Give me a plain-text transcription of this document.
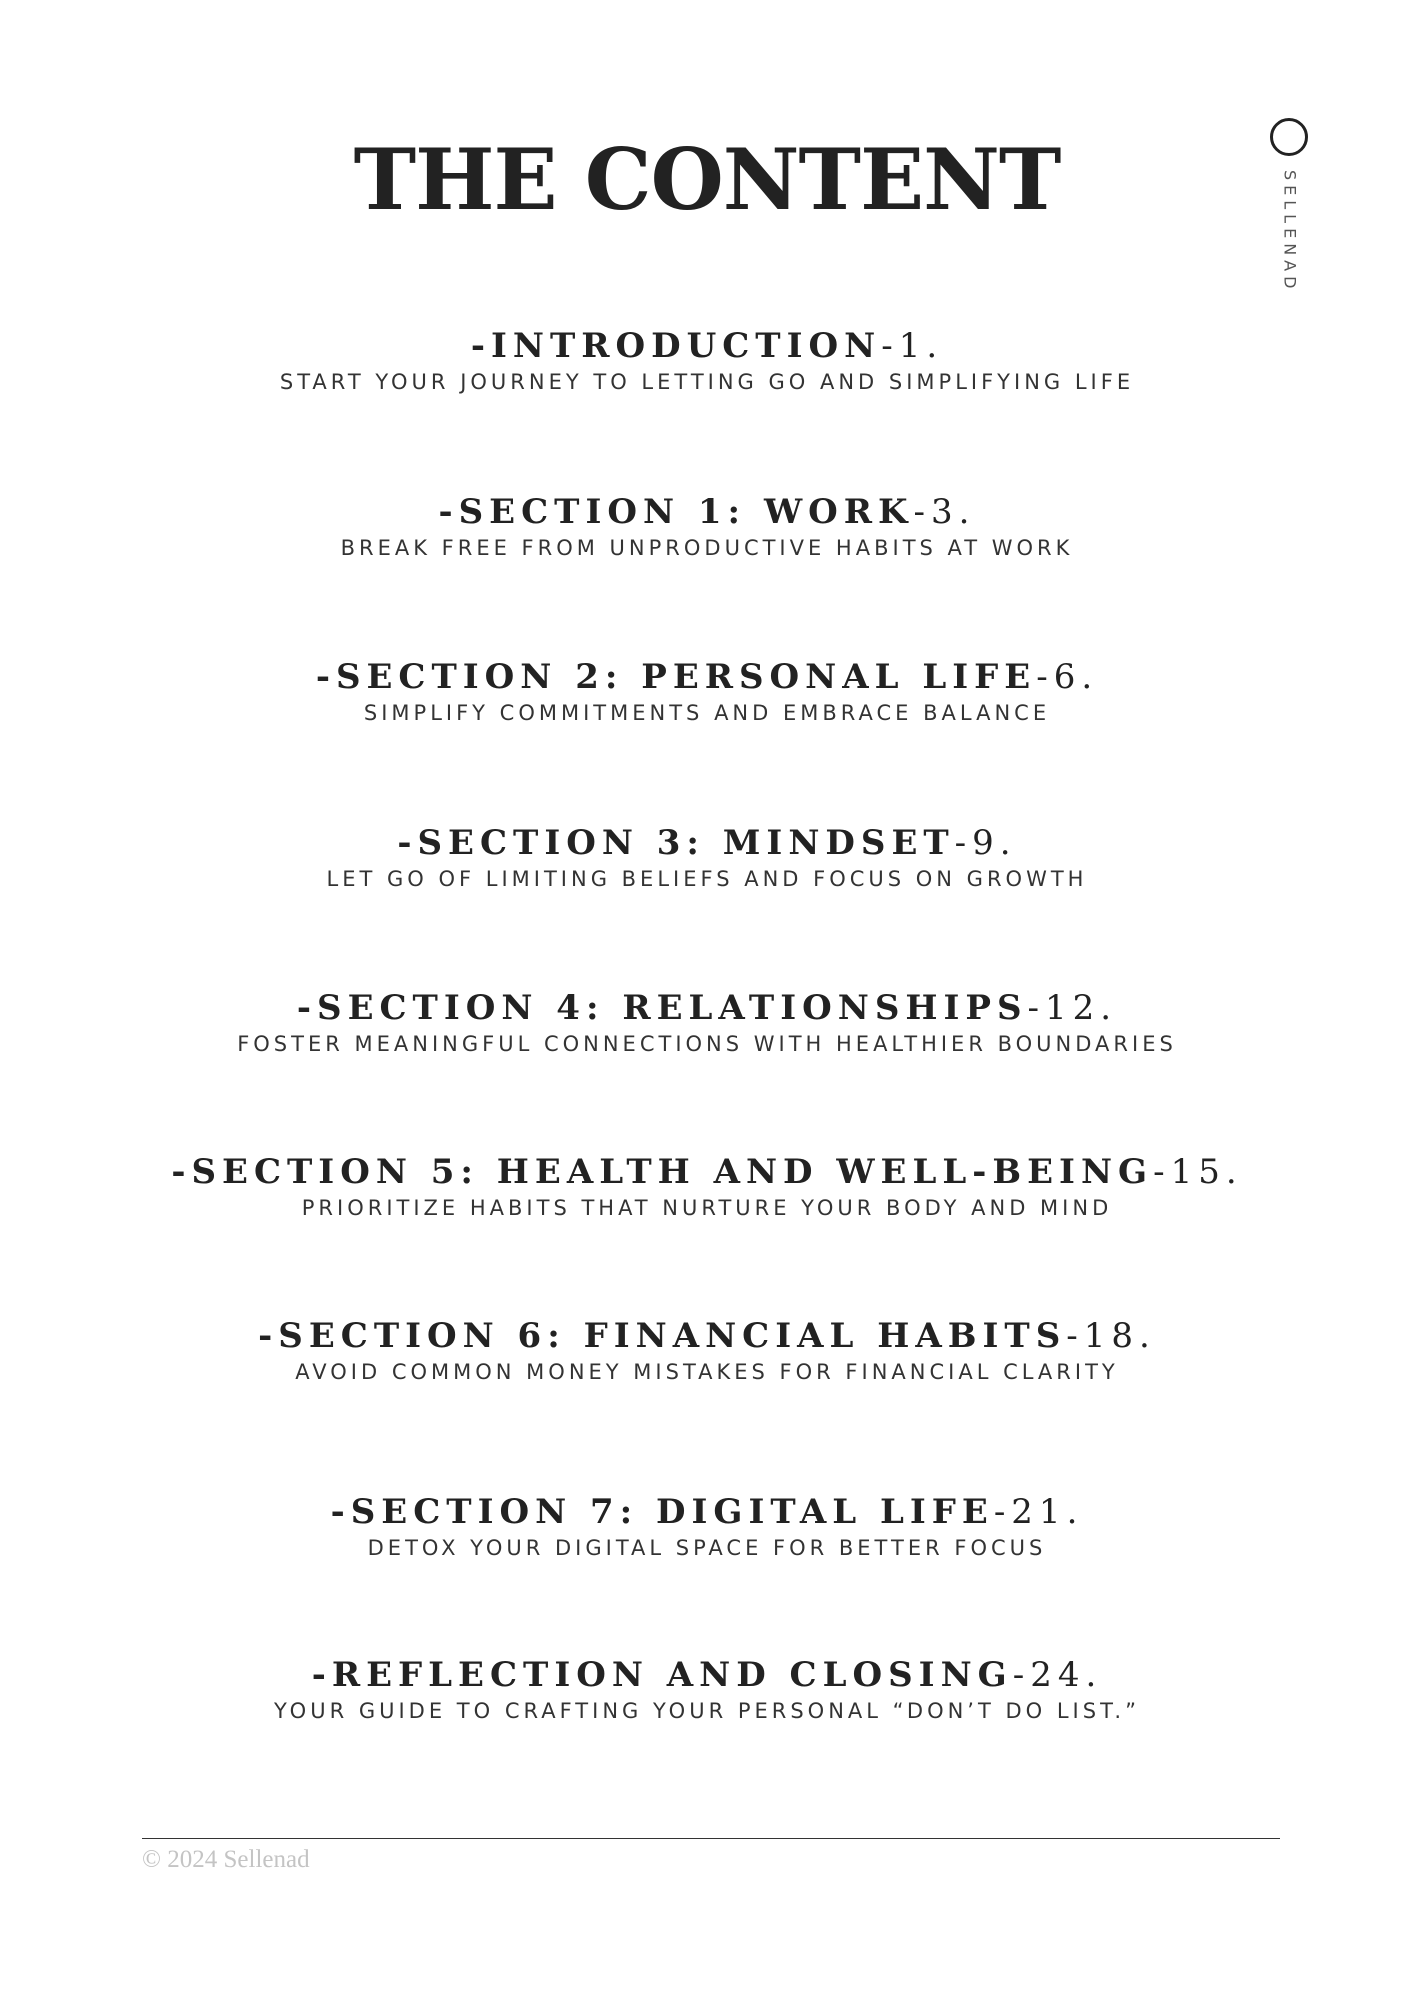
THE CONTENT	SELLENAD
-INTRODUCTION-1.
START YOUR JOURNEY TO LETTING GO AND SIMPLIFYING LIFE
-SECTION 1: WORK-3.
BREAK FREE FROM UNPRODUCTIVE HABITS AT WORK
-SECTION 2: PERSONAL LIFE-6.
SIMPLIFY COMMITMENTS AND EMBRACE BALANCE
-SECTION 3: MINDSET-9.
LET GO OF LIMITING BELIEFS AND FOCUS ON GROWTH
-SECTION 4: RELATIONSHIPS-12.
FOSTER MEANINGFUL CONNECTIONS WITH HEALTHIER BOUNDARIES
-SECTION 5: HEALTH AND WELL-BEING-15.
PRIORITIZE HABITS THAT NURTURE YOUR BODY AND MIND
-SECTION 6: FINANCIAL HABITS-18.
AVOID COMMON MONEY MISTAKES FOR FINANCIAL CLARITY
-SECTION 7: DIGITAL LIFE-21.
DETOX YOUR DIGITAL SPACE FOR BETTER FOCUS
-REFLECTION AND CLOSING-24.
YOUR GUIDE TO CRAFTING YOUR PERSONAL “DON’T DO LIST.”
© 2024 Sellenad
